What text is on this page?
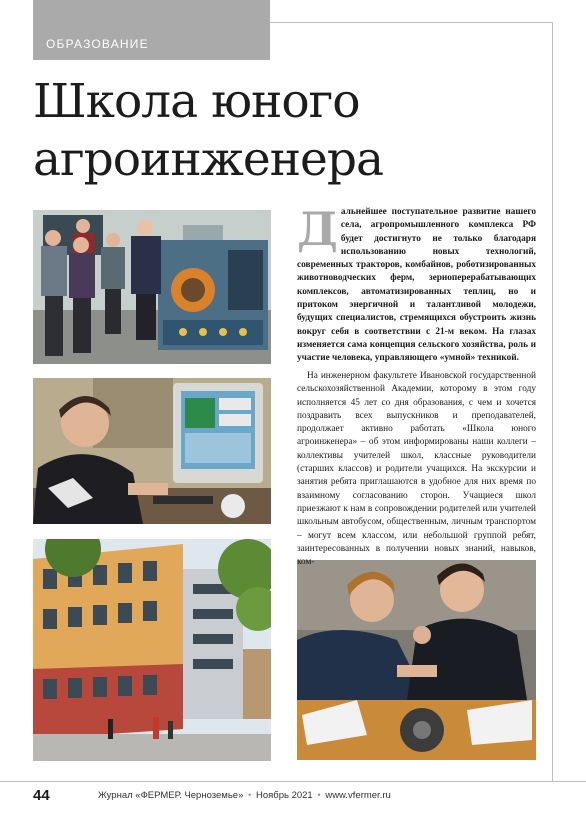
ОБРАЗОВАНИЕ
Школа юного
агроинженера
Дальнейшее поступательное развитие нашего села, агропромышленного комплекса РФ будет достигнуто не только благодаря использованию новых технологий, современных тракторов, комбайнов, роботизированных животноводческих ферм, зерноперерабатывающих комплексов, автоматизированных теплиц, но и притоком энергичной и талантливой молодежи, будущих специалистов, стремящихся обустроить жизнь вокруг себя в соответствии с 21-м веком. На глазах изменяется сама концепция сельского хозяйства, роль и участие человека, управляющего «умной» техникой.
На инженерном факультете Ивановской государственной сельскохозяйственной Академии, которому в этом году исполняется 45 лет со дня образования, с чем и хочется поздравить всех выпускников и преподавателей, продолжает активно работать «Школа юного агроинженера» – об этом информированы наши коллеги – коллективы учителей школ, классные руководители (старших классов) и родители учащихся. На экскурсии и занятия ребята приглашаются в удобное для них время по взаимному согласованию сторон. Учащиеся школ приезжают к нам в сопровождении родителей или учителей школьным автобусом, общественным, личным транспортом – могут всем классом, или небольшой группой ребят, заинтересованных в получении новых знаний, навыков, ком-
44	Журнал «ФЕРМЕР. Черноземье» • Ноябрь 2021 • www.vfermer.ru
